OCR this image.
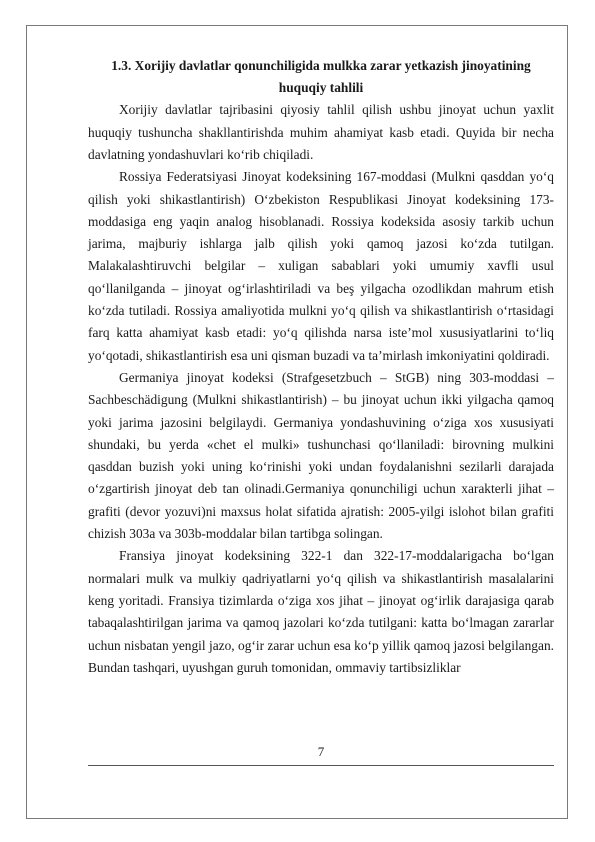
1.3. Xorijiy davlatlar qonunchiligida mulkka zarar yetkazish jinoyatining

huquqiy tahlili

Xorijiy davlatlar tajribasini qiyosiy tahlil qilish ushbu jinoyat uchun yaxlit huquqiy tushuncha shakllantirishda muhim ahamiyat kasb etadi. Quyida bir necha davlatning yondashuvlari koʻrib chiqiladi.

Rossiya Federatsiyasi Jinoyat kodeksining 167-moddasi (Mulkni qasddan yoʻq qilish yoki shikastlantirish) Oʻzbekiston Respublikasi Jinoyat kodeksining 173-moddasiga eng yaqin analog hisoblanadi. Rossiya kodeksida asosiy tarkib uchun jarima, majburiy ishlarga jalb qilish yoki qamoq jazosi koʻzda tutilgan. Malakalashtiruvchi belgilar – xuligan sabablari yoki umumiy xavfli usul qoʻllanilganda – jinoyat ogʻirlashtiriladi va beş yilgacha ozodlikdan mahrum etish koʻzda tutiladi. Rossiya amaliyotida mulkni yoʻq qilish va shikastlantirish oʻrtasidagi farq katta ahamiyat kasb etadi: yoʻq qilishda narsa isteʼmol xususiyatlarini toʻliq yoʻqotadi, shikastlantirish esa uni qisman buzadi va taʼmirlash imkoniyatini qoldiradi.

Germaniya jinoyat kodeksi (Strafgesetzbuch – StGB) ning 303-moddasi – Sachbeschädigung (Mulkni shikastlantirish) – bu jinoyat uchun ikki yilgacha qamoq yoki jarima jazosini belgilaydi. Germaniya yondashuvining oʻziga xos xususiyati shundaki, bu yerda «chet el mulki» tushunchasi qoʻllaniladi: birovning mulkini qasddan buzish yoki uning koʻrinishi yoki undan foydalanishni sezilarli darajada oʻzgartirish jinoyat deb tan olinadi.Germaniya qonunchiligi uchun xarakterli jihat – grafiti (devor yozuvi)ni maxsus holat sifatida ajratish: 2005-yilgi islohot bilan grafiti chizish 303a va 303b-moddalar bilan tartibga solingan.

Fransiya jinoyat kodeksining 322-1 dan 322-17-moddalarigacha boʻlgan normalari mulk va mulkiy qadriyatlarni yoʻq qilish va shikastlantirish masalalarini keng yoritadi. Fransiya tizimlarda oʻziga xos jihat – jinoyat ogʻirlik darajasiga qarab tabaqalashtirilgan jarima va qamoq jazolari koʻzda tutilgani: katta boʻlmagan zararlar uchun nisbatan yengil jazo, ogʻir zarar uchun esa koʻp yillik qamoq jazosi belgilangan. Bundan tashqari, uyushgan guruh tomonidan, ommaviy tartibsizliklar

7
